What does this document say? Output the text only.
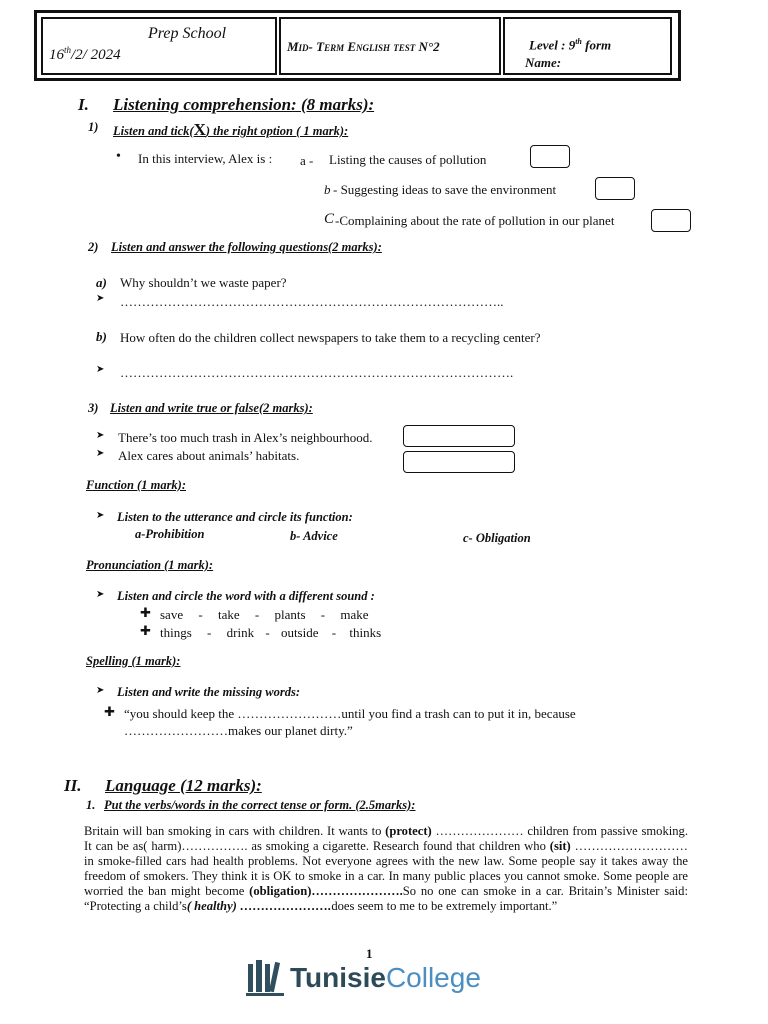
Prep School
16th/2/ 2024
Mid- Term English test N°2	Level : 9th form
Name:
I. Listening comprehension: (8 marks):
1) Listen and tick(X) the right option ( 1 mark):
• In this interview, Alex is : a - Listing the causes of pollution
b - Suggesting ideas to save the environment
C -Complaining about the rate of pollution in our planet
2) Listen and answer the following questions(2 marks):
a) Why shouldn’t we waste paper?
➤ ……………………………………………………………………………..
b) How often do the children collect newspapers to take them to a recycling center?
➤ ……………………………………………………………………………….
3) Listen and write true or false(2 marks):
➤ There’s too much trash in Alex’s neighbourhood.
➤ Alex cares about animals’ habitats.
Function (1 mark):
➤ Listen to the utterance and circle its function:
a-Prohibition	b- Advice	c- Obligation
Pronunciation (1 mark):
➤ Listen and circle the word with a different sound :
✚ save - take - plants - make
✚ things - drink - outside - thinks
Spelling (1 mark):
➤ Listen and write the missing words:
✚ “you should keep the ……………………until you find a trash can to put it in, because
……………………makes our planet dirty.”
II. Language (12 marks):
1. Put the verbs/words in the correct tense or form. (2.5marks):
Britain will ban smoking in cars with children. It wants to (protect) ………………… children from passive smoking. It can be as( harm)……………. as smoking a cigarette. Research found that children who (sit) ……………………… in smoke-filled cars had health problems. Not everyone agrees with the new law. Some people say it takes away the freedom of smokers. They think it is OK to smoke in a car. In many public places you cannot smoke. Some people are worried the ban might become (obligation)………………….So no one can smoke in a car. Britain’s Minister said: “Protecting a child’s( healthy) ………………….does seem to me to be extremely important.”
1
TunisieCollege
